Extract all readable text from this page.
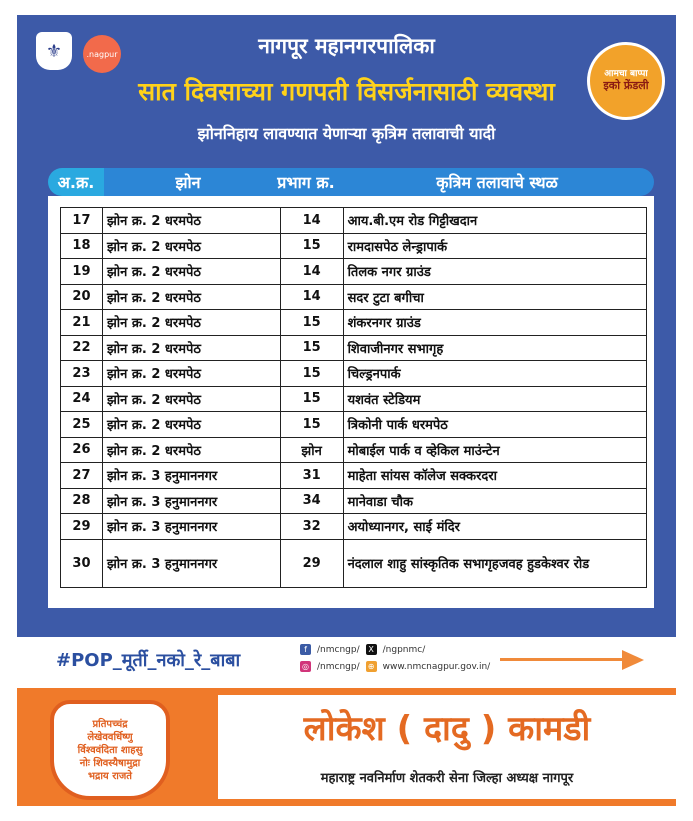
⚜	.nagpur
आमचा बाप्पा
इको फ्रेंडली
नागपूर महानगरपालिका
सात दिवसाच्या गणपती विसर्जनासाठी व्यवस्था
झोननिहाय लावण्यात येणाऱ्या कृत्रिम तलावाची यादी
अ.क्र.	झोन	प्रभाग क्र.	कृत्रिम तलावाचे स्थळ
17	झोन क्र. 2 धरमपेठ	14	आय.बी.एम रोड गिट्टीखदान
18	झोन क्र. 2 धरमपेठ	15	रामदासपेठ लेन्ड्रापार्क
19	झोन क्र. 2 धरमपेठ	14	तिलक नगर ग्राउंड
20	झोन क्र. 2 धरमपेठ	14	सदर टुटा बगीचा
21	झोन क्र. 2 धरमपेठ	15	शंकरनगर ग्राउंड
22	झोन क्र. 2 धरमपेठ	15	शिवाजीनगर सभागृह
23	झोन क्र. 2 धरमपेठ	15	चिल्ड्रनपार्क
24	झोन क्र. 2 धरमपेठ	15	यशवंत स्टेडियम
25	झोन क्र. 2 धरमपेठ	15	त्रिकोनी पार्क धरमपेठ
26	झोन क्र. 2 धरमपेठ	झोन	मोबाईल पार्क व व्हेकिल माउंन्टेन
27	झोन क्र. 3 हनुमाननगर	31	माहेता सांयस कॉलेज सक्करदरा
28	झोन क्र. 3 हनुमाननगर	34	मानेवाडा चौक
29	झोन क्र. 3 हनुमाननगर	32	अयोध्यानगर, साई मंदिर
30	झोन क्र. 3 हनुमाननगर	29	नंदलाल शाहु सांस्कृतिक सभागृहजवह हुडकेश्वर रोड
#POP_मूर्ती_नको_रे_बाबा
f	/nmcngp/	X /ngpnmc/
◎ /nmcngp/ ⊕ www.nmcnagpur.gov.in/
प्रतिपच्चंद्र
लेखेववर्धिष्णु
र्विश्ववंदिता शाहसु
नोः शिवस्यैषामुद्रा
भद्राय राजते
लोकेश ( दादु ) कामडी
महाराष्ट्र नवनिर्माण शेतकरी सेना जिल्हा अध्यक्ष नागपूर
